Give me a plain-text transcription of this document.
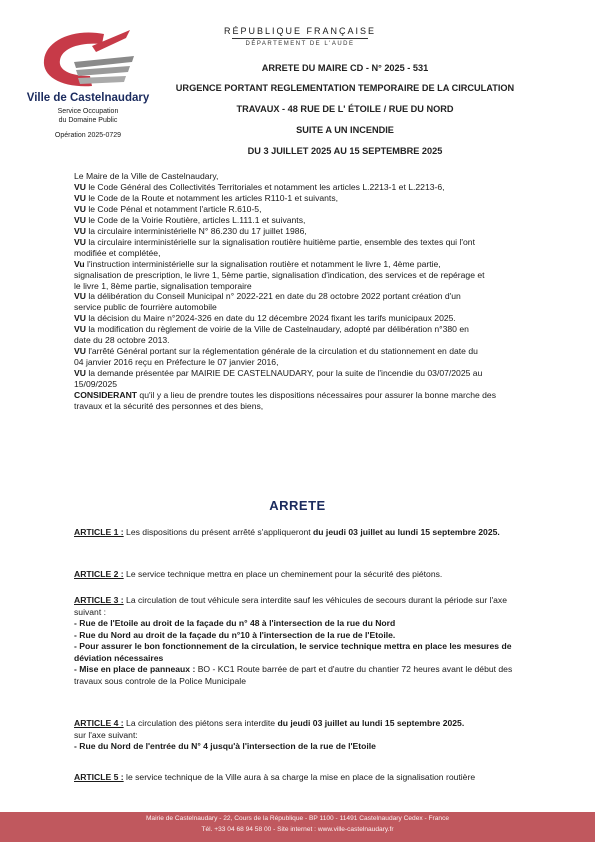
Ville de Castelnaudary
Service Occupation
du Domaine Public
Opération 2025-0729
RÉPUBLIQUE FRANÇAISE
DÉPARTEMENT DE L'AUDE
ARRETE DU MAIRE CD - N° 2025 - 531
URGENCE PORTANT REGLEMENTATION TEMPORAIRE DE LA CIRCULATION
TRAVAUX - 48 RUE DE L' ÉTOILE / RUE DU NORD
SUITE A UN INCENDIE
DU 3 JUILLET 2025 AU 15 SEPTEMBRE 2025
Le Maire de la Ville de Castelnaudary,
VU le Code Général des Collectivités Territoriales et notamment les articles L.2213-1 et L.2213-6,
VU le Code de la Route et notamment les articles R110-1 et suivants,
VU le Code Pénal et notamment l'article R.610-5,
VU le Code de la Voirie Routière, articles L.111.1 et suivants,
VU la circulaire interministérielle N° 86.230 du 17 juillet 1986,
VU la circulaire interministérielle sur la signalisation routière huitième partie, ensemble des textes qui l'ont
modifiée et complétée,
Vu l'instruction interministérielle sur la signalisation routière et notamment le livre 1, 4ème partie,
signalisation de prescription, le livre 1, 5ème partie, signalisation d'indication, des services et de repérage et
le livre 1, 8ème partie, signalisation temporaire
VU la délibération du Conseil Municipal n° 2022-221 en date du 28 octobre 2022 portant création d'un
service public de fourrière automobile
VU la décision du Maire n°2024-326 en date du 12 décembre 2024 fixant les tarifs municipaux 2025.
VU la modification du règlement de voirie de la Ville de Castelnaudary, adopté par délibération n°380 en
date du 28 octobre 2013.
VU l'arrêté Général portant sur la réglementation générale de la circulation et du stationnement en date du
04 janvier 2016 reçu en Préfecture le 07 janvier 2016,
VU la demande présentée par MAIRIE DE CASTELNAUDARY, pour la suite de l'incendie du 03/07/2025 au
15/09/2025
CONSIDERANT qu'il y a lieu de prendre toutes les dispositions nécessaires pour assurer la bonne marche des
travaux et la sécurité des personnes et des biens,
ARRETE
ARTICLE 1 : Les dispositions du présent arrêté s'appliqueront du jeudi 03 juillet au lundi 15 septembre 2025.
ARTICLE 2 : Le service technique mettra en place un cheminement pour la sécurité des piétons.
ARTICLE 3 : La circulation de tout véhicule sera interdite sauf les véhicules de secours durant la période sur l'axe suivant :
- Rue de l'Etoile au droit de la façade du n° 48 à l'intersection de la rue du Nord
- Rue du Nord au droit de la façade du n°10 à l'intersection de la rue de l'Etoile.
- Pour assurer le bon fonctionnement de la circulation, le service technique mettra en place les mesures de déviation nécessaires
- Mise en place de panneaux : BO - KC1 Route barrée de part et d'autre du chantier 72 heures avant le début des travaux sous controle de la Police Municipale
ARTICLE 4 : La circulation des piétons sera interdite du jeudi 03 juillet au lundi 15 septembre 2025.
sur l'axe suivant:
- Rue du Nord de l'entrée du N° 4 jusqu'à l'intersection de la rue de l'Etoile
ARTICLE 5 : le service technique de la Ville aura à sa charge la mise en place de la signalisation routière
Mairie de Castelnaudary - 22, Cours de la République - BP 1100 - 11491 Castelnaudary Cedex - France
Tél. +33 04 68 94 58 00 - Site internet : www.ville-castelnaudary.fr
